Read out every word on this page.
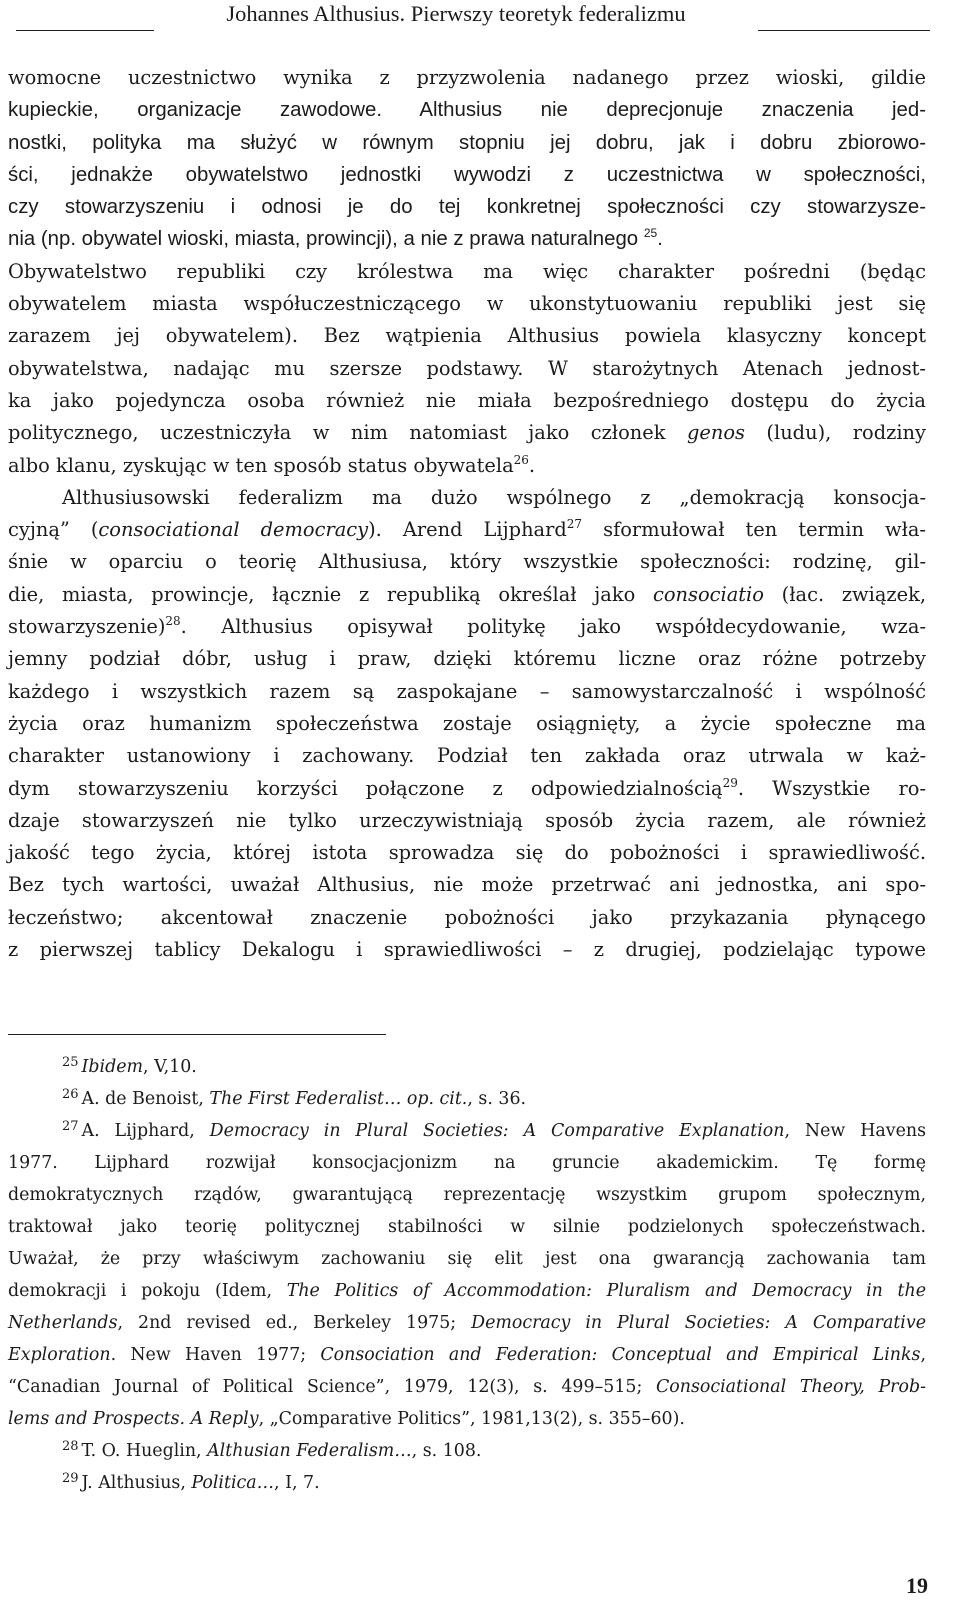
Johannes Althusius. Pierwszy teoretyk federalizmu

womocne uczestnictwo wynika z przyzwolenia nadanego przez wioski, gildie

kupieckie, organizacje zawodowe. Althusius nie deprecjonuje znaczenia jed-

nostki, polityka ma służyć w równym stopniu jej dobru, jak i dobru zbiorowo-

ści, jednakże obywatelstwo jednostki wywodzi z uczestnictwa w społeczności,

czy stowarzyszeniu i odnosi je do tej konkretnej społeczności czy stowarzysze-

nia (np. obywatel wioski, miasta, prowincji), a nie z prawa naturalnego $^{25}$.

Obywatelstwo republiki czy królestwa ma więc charakter pośredni (będąc

obywatelem miasta współuczestniczącego w ukonstytuowaniu republiki jest się

zarazem jej obywatelem). Bez wątpienia Althusius powiela klasyczny koncept

obywatelstwa, nadając mu szersze podstawy. W starożytnych Atenach jednost-

ka jako pojedyncza osoba również nie miała bezpośredniego dostępu do życia

politycznego, uczestniczyła w nim natomiast jako członek genos (ludu), rodziny

albo klanu, zyskując w ten sposób status obywatela$^{26}$.

Althusiusowski federalizm ma dużo wspólnego z „demokracją konsocja-

cyjną” (consociational democracy). Arend Lijphard$^{27}$ sformułował ten termin wła-

śnie w oparciu o teorię Althusiusa, który wszystkie społeczności: rodzinę, gil-

die, miasta, prowincje, łącznie z republiką określał jako consociatio (łac. związek,

stowarzyszenie)$^{28}$. Althusius opisywał politykę jako współdecydowanie, wza-

jemny podział dóbr, usług i praw, dzięki któremu liczne oraz różne potrzeby

każdego i wszystkich razem są zaspokajane – samowystarczalność i wspólność

życia oraz humanizm społeczeństwa zostaje osiągnięty, a życie społeczne ma

charakter ustanowiony i zachowany. Podział ten zakłada oraz utrwala w każ-

dym stowarzyszeniu korzyści połączone z odpowiedzialnością$^{29}$. Wszystkie ro-

dzaje stowarzyszeń nie tylko urzeczywistniają sposób życia razem, ale również

jakość tego życia, której istota sprowadza się do pobożności i sprawiedliwość.

Bez tych wartości, uważał Althusius, nie może przetrwać ani jednostka, ani spo-

łeczeństwo; akcentował znaczenie pobożności jako przykazania płynącego

z pierwszej tablicy Dekalogu i sprawiedliwości – z drugiej, podzielając typowe

$^{25}$ Ibidem, V,10.

$^{26}$ A. de Benoist, The First Federalist… op. cit., s. 36.

$^{27}$ A. Lijphard, Democracy in Plural Societies: A Comparative Explanation, New Havens

1977. Lijphard rozwijał konsocjacjonizm na gruncie akademickim. Tę formę

demokratycznych rządów, gwarantującą reprezentację wszystkim grupom społecznym,

traktował jako teorię politycznej stabilności w silnie podzielonych społeczeństwach.

Uważał, że przy właściwym zachowaniu się elit jest ona gwarancją zachowania tam

demokracji i pokoju (Idem, The Politics of Accommodation: Pluralism and Democracy in the

Netherlands, 2nd revised ed., Berkeley 1975; Democracy in Plural Societies: A Comparative

Exploration. New Haven 1977; Consociation and Federation: Conceptual and Empirical Links,

“Canadian Journal of Political Science”, 1979, 12(3), s. 499–515; Consociational Theory, Prob-

lems and Prospects. A Reply, „Comparative Politics”, 1981,13(2), s. 355–60).

$^{28}$ T. O. Hueglin, Althusian Federalism…, s. 108.

$^{29}$ J. Althusius, Politica…, I, 7.

19
